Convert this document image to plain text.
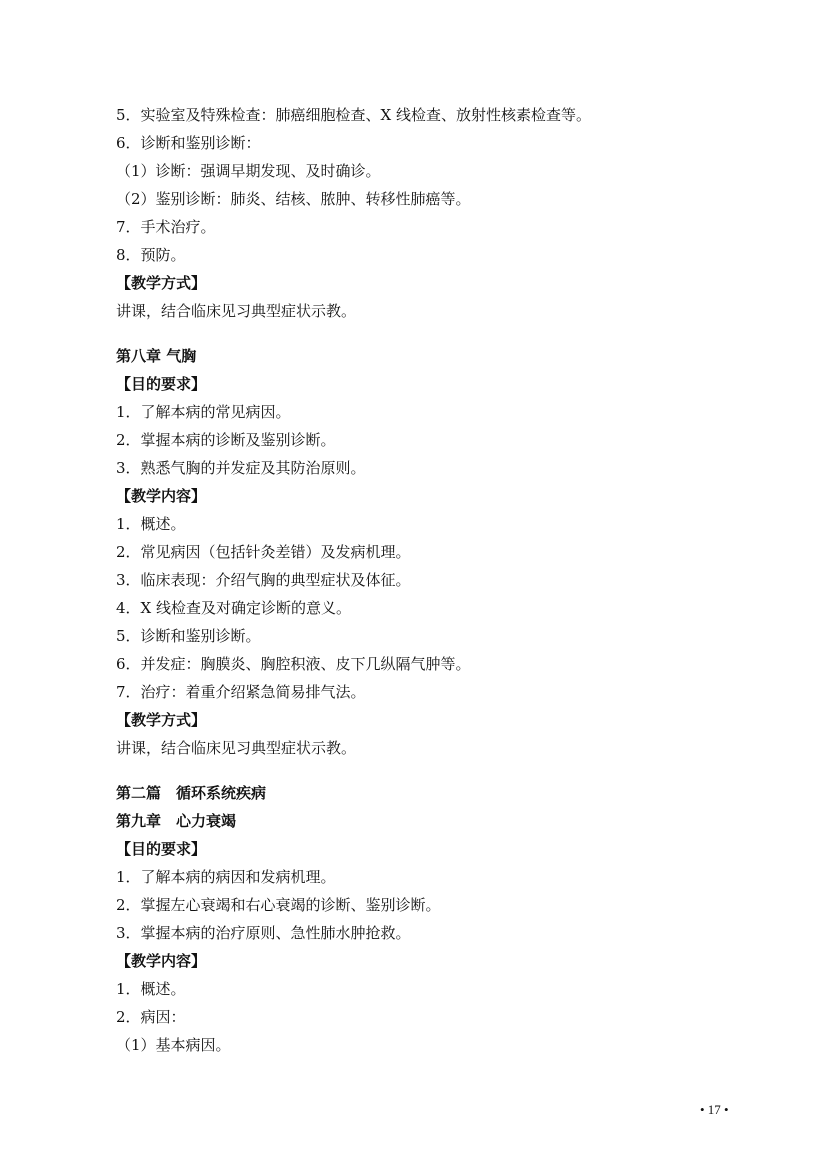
5．实验室及特殊检查：肺癌细胞检查、X 线检查、放射性核素检查等。
6．诊断和鉴别诊断：
（1）诊断：强调早期发现、及时确诊。
（2）鉴别诊断：肺炎、结核、脓肿、转移性肺癌等。
7．手术治疗。
8．预防。
【教学方式】
讲课，结合临床见习典型症状示教。
第八章 气胸
【目的要求】
1．了解本病的常见病因。
2．掌握本病的诊断及鉴别诊断。
3．熟悉气胸的并发症及其防治原则。
【教学内容】
1．概述。
2．常见病因（包括针灸差错）及发病机理。
3．临床表现：介绍气胸的典型症状及体征。
4．X 线检查及对确定诊断的意义。
5．诊断和鉴别诊断。
6．并发症：胸膜炎、胸腔积液、皮下几纵隔气肿等。
7．治疗：着重介绍紧急简易排气法。
【教学方式】
讲课，结合临床见习典型症状示教。
第二篇　循环系统疾病
第九章　心力衰竭
【目的要求】
1．了解本病的病因和发病机理。
2．掌握左心衰竭和右心衰竭的诊断、鉴别诊断。
3．掌握本病的治疗原则、急性肺水肿抢救。
【教学内容】
1．概述。
2．病因：
（1）基本病因。
• 17 •
